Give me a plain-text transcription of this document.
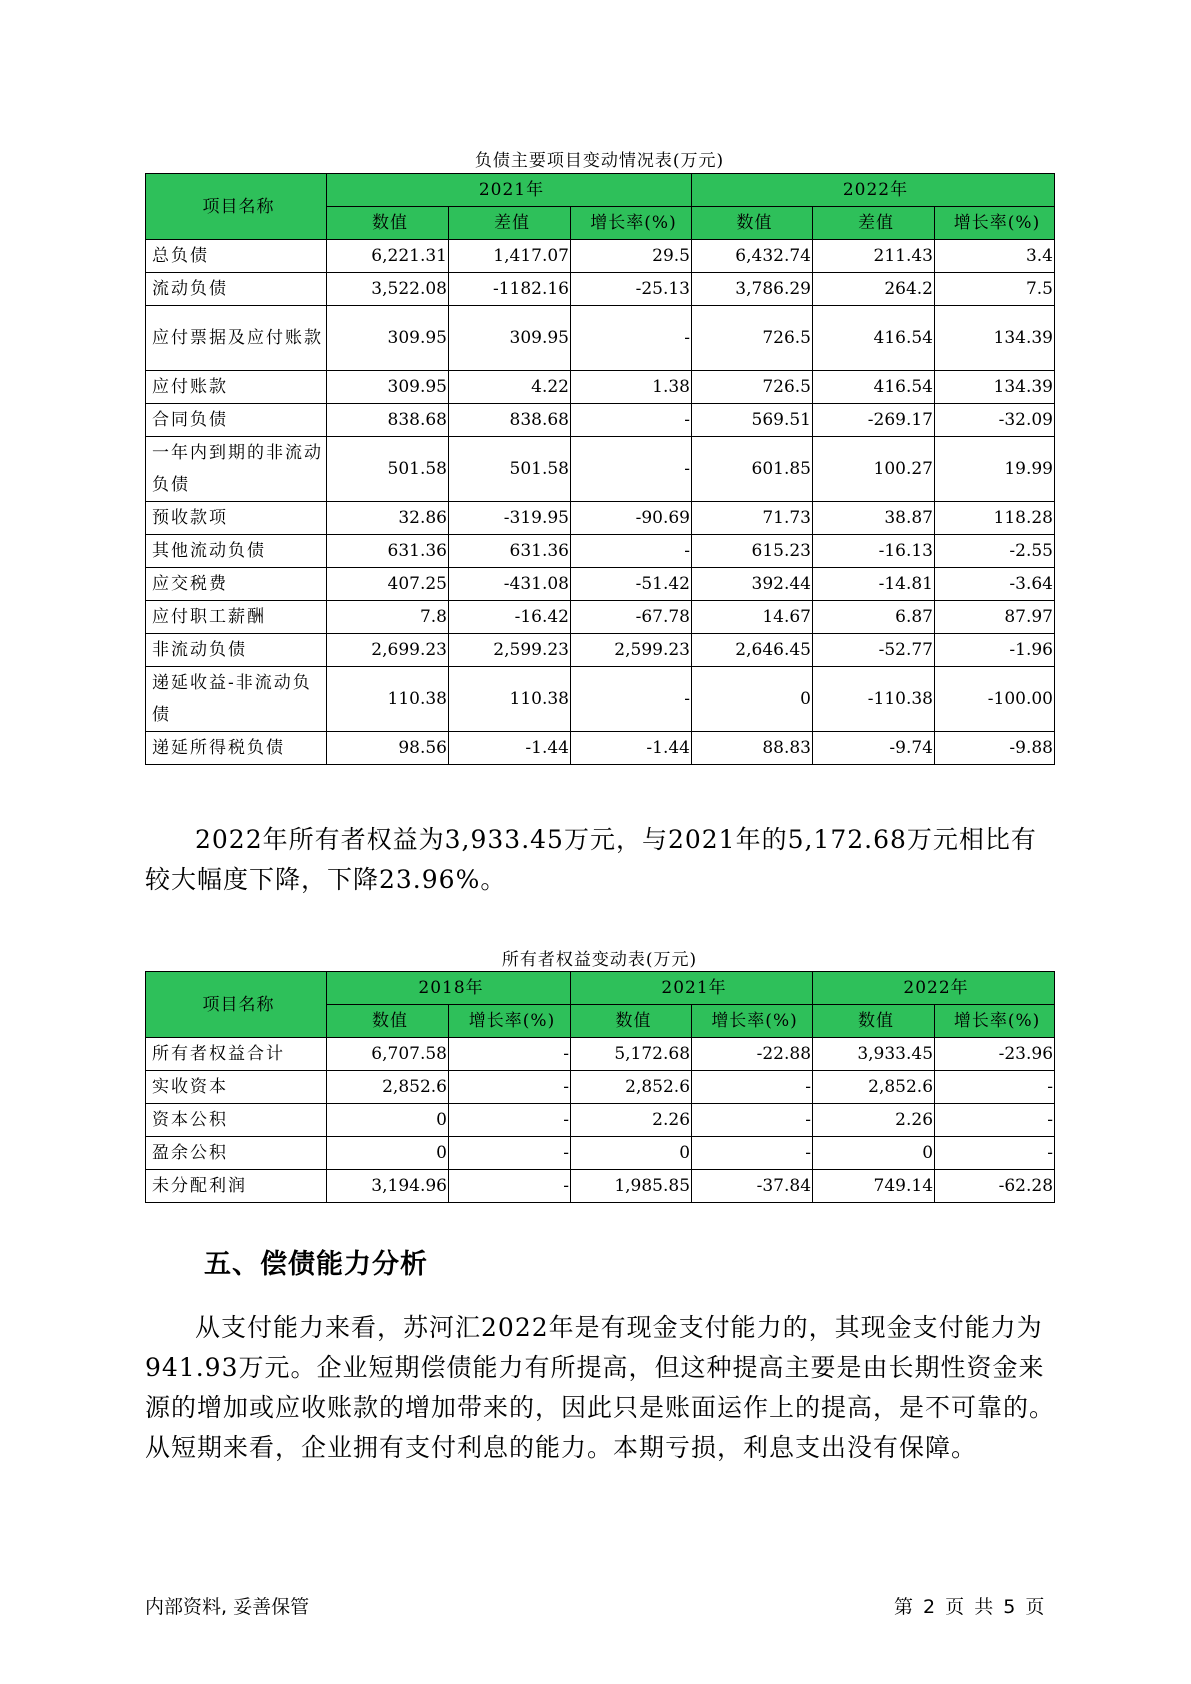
负债主要项目变动情况表(万元)
项目名称	2021年			2022年		
	数值	差值	增长率(%)	数值	差值	增长率(%)
总负债	6,221.31	1,417.07	29.5	6,432.74	211.43	3.4
流动负债	3,522.08	-1182.16	-25.13	3,786.29	264.2	7.5
应付票据及应付账款	309.95	309.95	-	726.5	416.54	134.39
应付账款	309.95	4.22	1.38	726.5	416.54	134.39
合同负债	838.68	838.68	-	569.51	-269.17	-32.09
一年内到期的非流动负债	501.58	501.58	-	601.85	100.27	19.99
预收款项	32.86	-319.95	-90.69	71.73	38.87	118.28
其他流动负债	631.36	631.36	-	615.23	-16.13	-2.55
应交税费	407.25	-431.08	-51.42	392.44	-14.81	-3.64
应付职工薪酬	7.8	-16.42	-67.78	14.67	6.87	87.97
非流动负债	2,699.23	2,599.23	2,599.23	2,646.45	-52.77	-1.96
递延收益-非流动负债	110.38	110.38	-	0	-110.38	-100.00
递延所得税负债	98.56	-1.44	-1.44	88.83	-9.74	-9.88

2022年所有者权益为3,933.45万元，与2021年的5,172.68万元相比有较大幅度下降，下降23.96%。

所有者权益变动表(万元)
项目名称	2018年		2021年		2022年	
	数值	增长率(%)	数值	增长率(%)	数值	增长率(%)
所有者权益合计	6,707.58	-	5,172.68	-22.88	3,933.45	-23.96
实收资本	2,852.6	-	2,852.6	-	2,852.6	-
资本公积	0	-	2.26	-	2.26	-
盈余公积	0	-	0	-	0	-
未分配利润	3,194.96	-	1,985.85	-37.84	749.14	-62.28
五、偿债能力分析

从支付能力来看，苏河汇2022年是有现金支付能力的，其现金支付能力为941.93万元。企业短期偿债能力有所提高，但这种提高主要是由长期性资金来源的增加或应收账款的增加带来的，因此只是账面运作上的提高，是不可靠的。从短期来看，企业拥有支付利息的能力。本期亏损，利息支出没有保障。

内部资料, 妥善保管	第 2 页 共 5 页
